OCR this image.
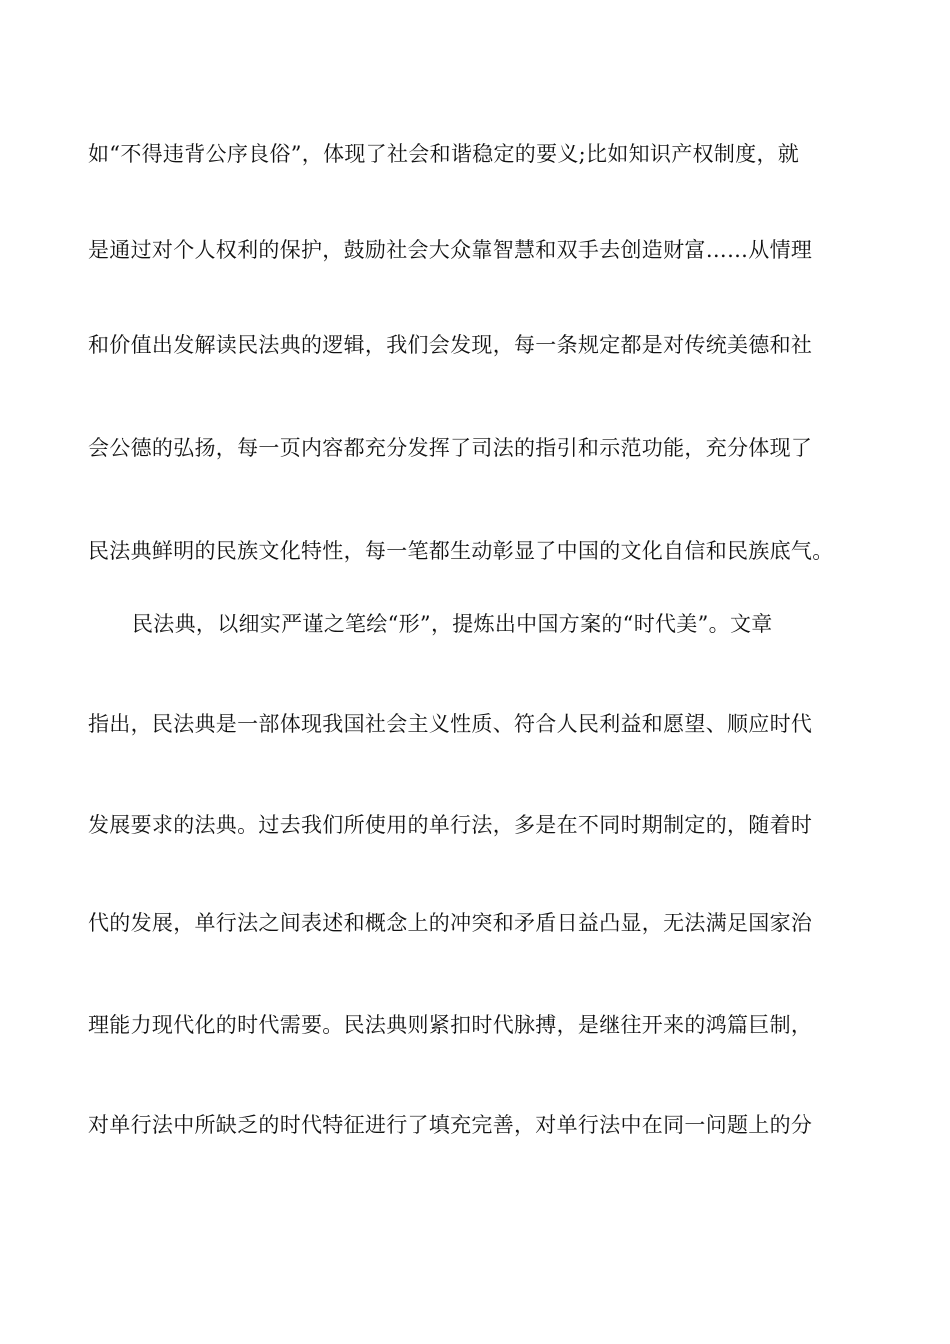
如“不得违背公序良俗”，体现了社会和谐稳定的要义;比如知识产权制度，就
是通过对个人权利的保护，鼓励社会大众靠智慧和双手去创造财富……从情理
和价值出发解读民法典的逻辑，我们会发现，每一条规定都是对传统美德和社
会公德的弘扬，每一页内容都充分发挥了司法的指引和示范功能，充分体现了
民法典鲜明的民族文化特性，每一笔都生动彰显了中国的文化自信和民族底气。
民法典，以细实严谨之笔绘“形”，提炼出中国方案的“时代美”。文章
指出，民法典是一部体现我国社会主义性质、符合人民利益和愿望、顺应时代
发展要求的法典。过去我们所使用的单行法，多是在不同时期制定的，随着时
代的发展，单行法之间表述和概念上的冲突和矛盾日益凸显，无法满足国家治
理能力现代化的时代需要。民法典则紧扣时代脉搏，是继往开来的鸿篇巨制，
对单行法中所缺乏的时代特征进行了填充完善，对单行法中在同一问题上的分
